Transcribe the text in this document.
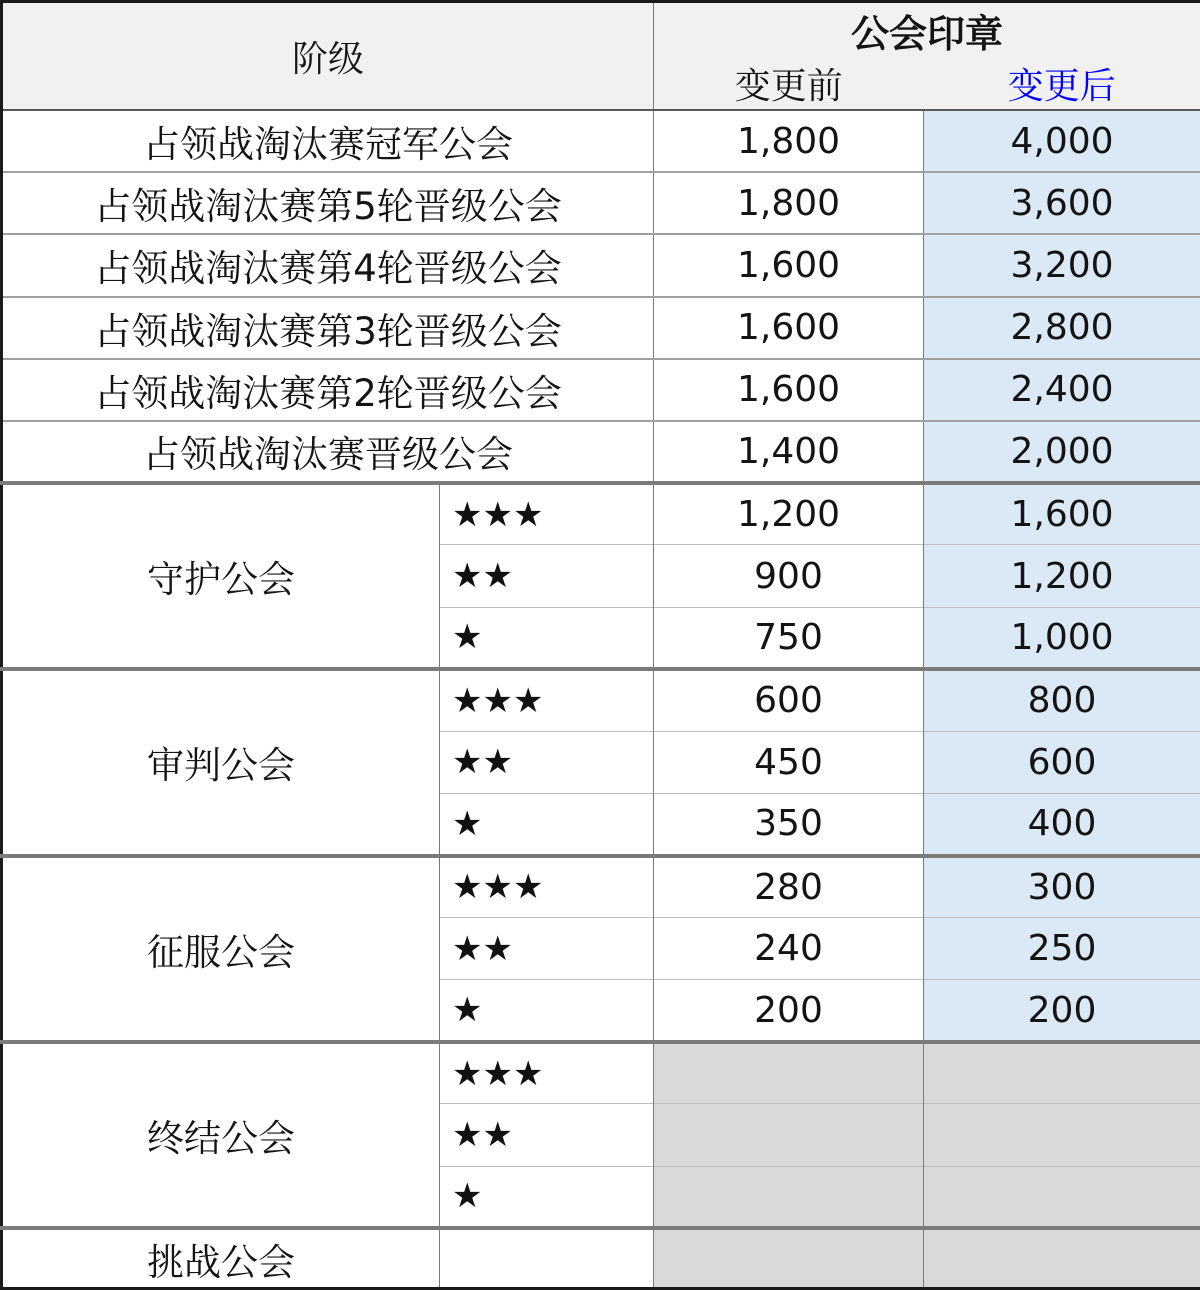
阶级		公会印章	
		变更前	变更后
占领战淘汰赛冠军公会		1,800	4,000
占领战淘汰赛第5轮晋级公会		1,800	3,600
占领战淘汰赛第4轮晋级公会		1,600	3,200
占领战淘汰赛第3轮晋级公会		1,600	2,800
占领战淘汰赛第2轮晋级公会		1,600	2,400
占领战淘汰赛晋级公会		1,400	2,000
守护公会	★★★	1,200	1,600
	★★	900	1,200
	★	750	1,000
审判公会	★★★	600	800
	★★	450	600
	★	350	400
征服公会	★★★	280	300
	★★	240	250
	★	200	200
终结公会	★★★		
	★★		
	★		
挑战公会			
